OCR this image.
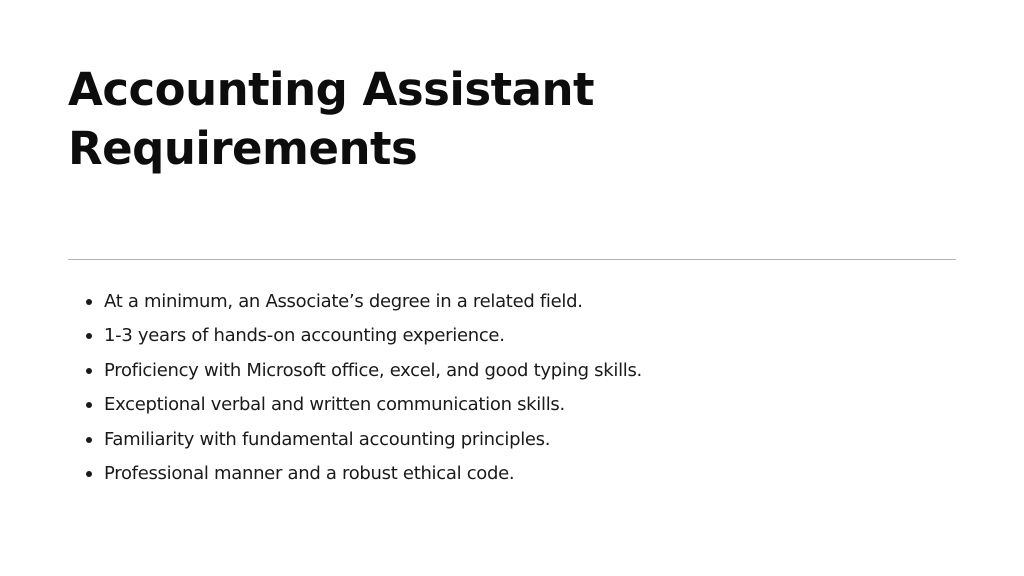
Accounting Assistant
Requirements
At a minimum, an Associate’s degree in a related field.
1-3 years of hands-on accounting experience.
Proficiency with Microsoft office, excel, and good typing skills.
Exceptional verbal and written communication skills.
Familiarity with fundamental accounting principles.
Professional manner and a robust ethical code.
